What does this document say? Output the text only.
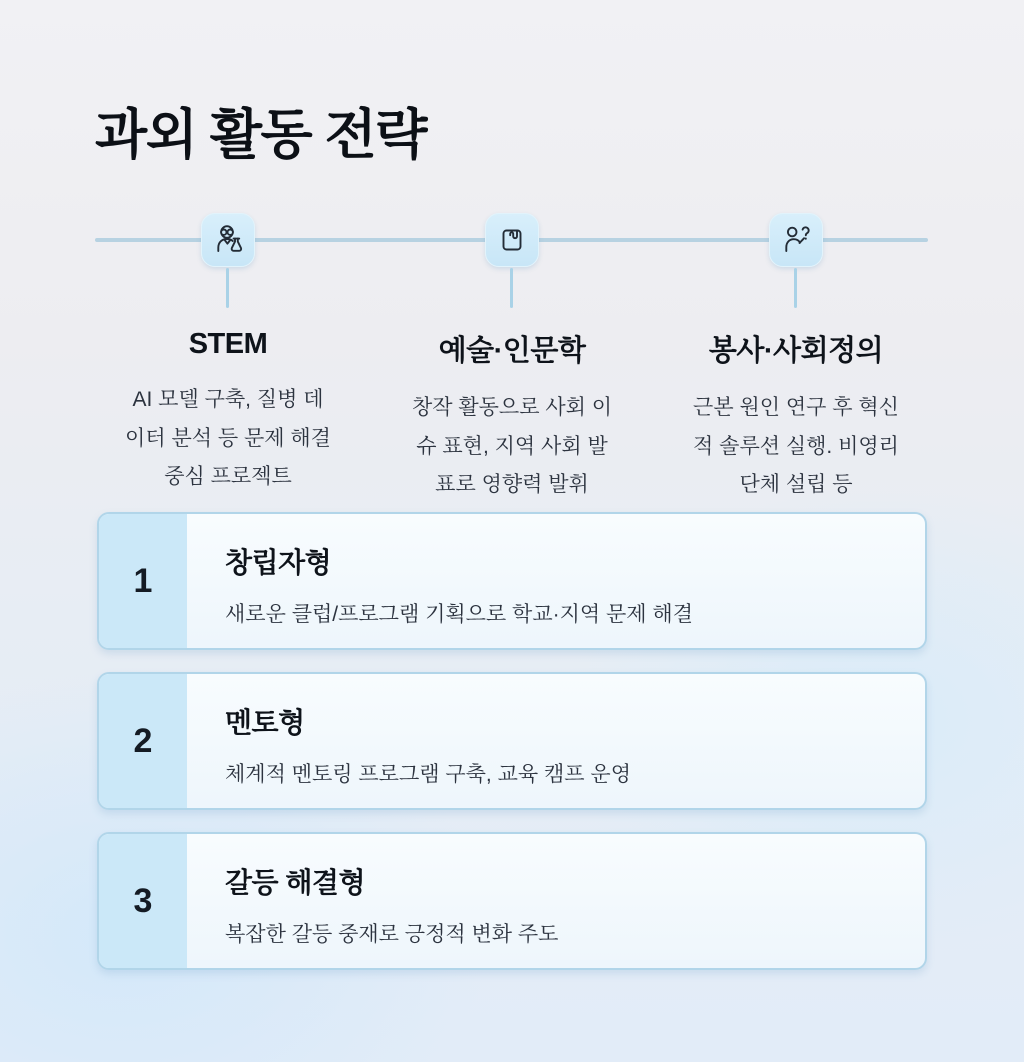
과외 활동 전략
STEM
AI 모델 구축, 질병 데
이터 분석 등 문제 해결
중심 프로젝트
예술·인문학
창작 활동으로 사회 이
슈 표현, 지역 사회 발
표로 영향력 발휘
봉사·사회정의
근본 원인 연구 후 혁신
적 솔루션 실행. 비영리
단체 설립 등
1	창립자형
새로운 클럽/프로그램 기획으로 학교·지역 문제 해결
2	멘토형
체계적 멘토링 프로그램 구축, 교육 캠프 운영
3	갈등 해결형
복잡한 갈등 중재로 긍정적 변화 주도
